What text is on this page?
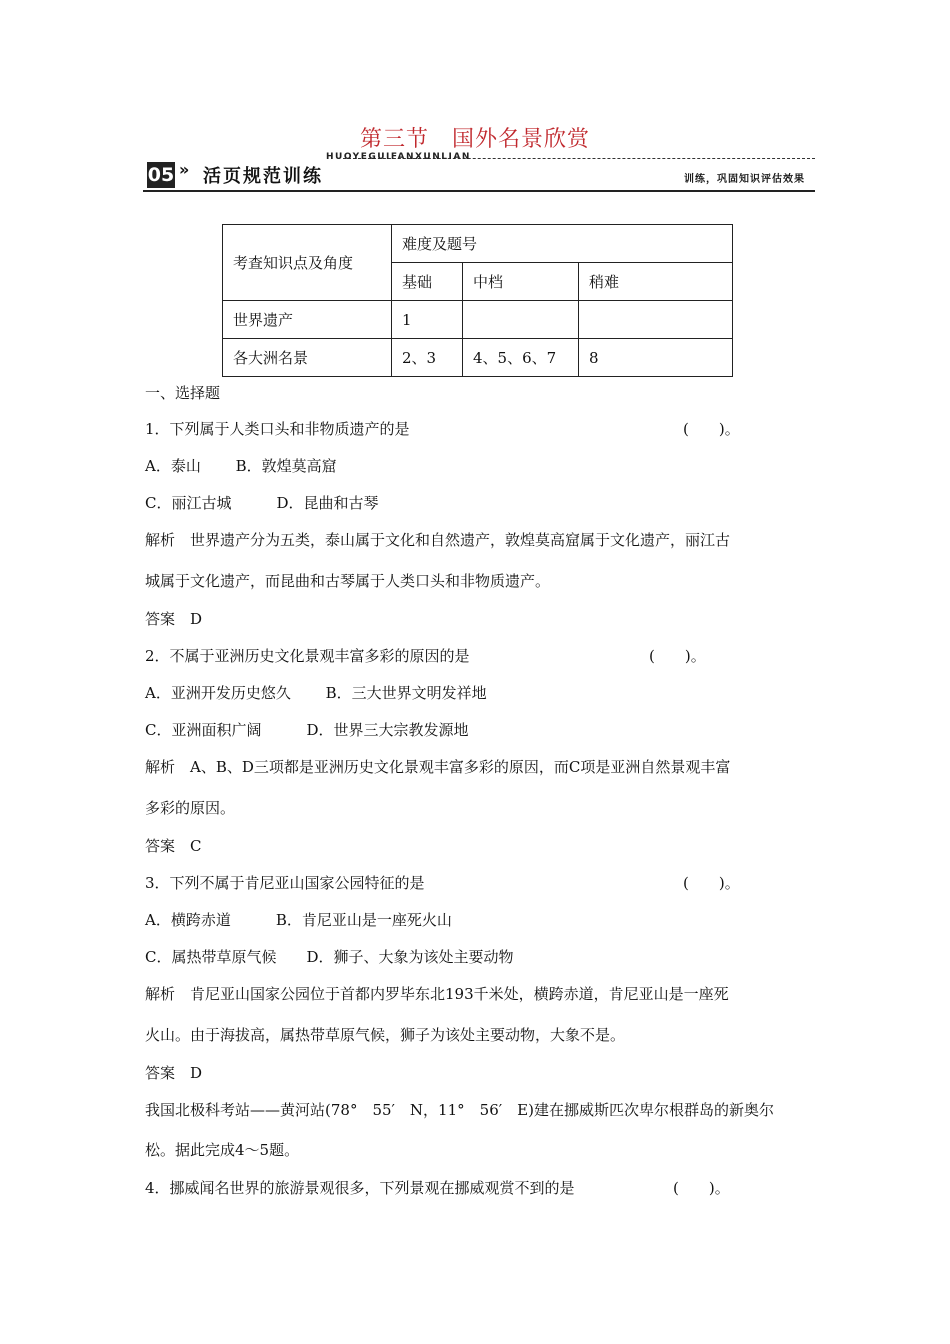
第三节　国外名景欣赏
HUOYEGUIFANXUNLIAN
05 » 活页规范训练	训练，巩固知识评估效果
考查知识点及角度	难度及题号		
	基础	中档	稍难
世界遗产	1		
各大洲名景	2、3	4、5、6、7	8
一、选择题
1．下列属于人类口头和非物质遗产的是	(　　)。
A．泰山　　 B．敦煌莫高窟
C．丽江古城　　　D．昆曲和古琴
解析　世界遗产分为五类，泰山属于文化和自然遗产，敦煌莫高窟属于文化遗产，丽江古
城属于文化遗产，而昆曲和古琴属于人类口头和非物质遗产。
答案　D
2．不属于亚洲历史文化景观丰富多彩的原因的是	(　　)。
A．亚洲开发历史悠久　　 B．三大世界文明发祥地
C．亚洲面积广阔　　　D．世界三大宗教发源地
解析　A、B、D三项都是亚洲历史文化景观丰富多彩的原因，而C项是亚洲自然景观丰富
多彩的原因。
答案　C
3．下列不属于肯尼亚山国家公园特征的是	(　　)。
A．横跨赤道　　　B．肯尼亚山是一座死火山
C．属热带草原气候　　D．狮子、大象为该处主要动物
解析　肯尼亚山国家公园位于首都内罗毕东北193千米处，横跨赤道，肯尼亚山是一座死
火山。由于海拔高，属热带草原气候，狮子为该处主要动物，大象不是。
答案　D
我国北极科考站——黄河站(78°　55′　N，11°　56′　E)建在挪威斯匹次卑尔根群岛的新奥尔
松。据此完成4～5题。
4．挪威闻名世界的旅游景观很多，下列景观在挪威观赏不到的是	(　　)。
